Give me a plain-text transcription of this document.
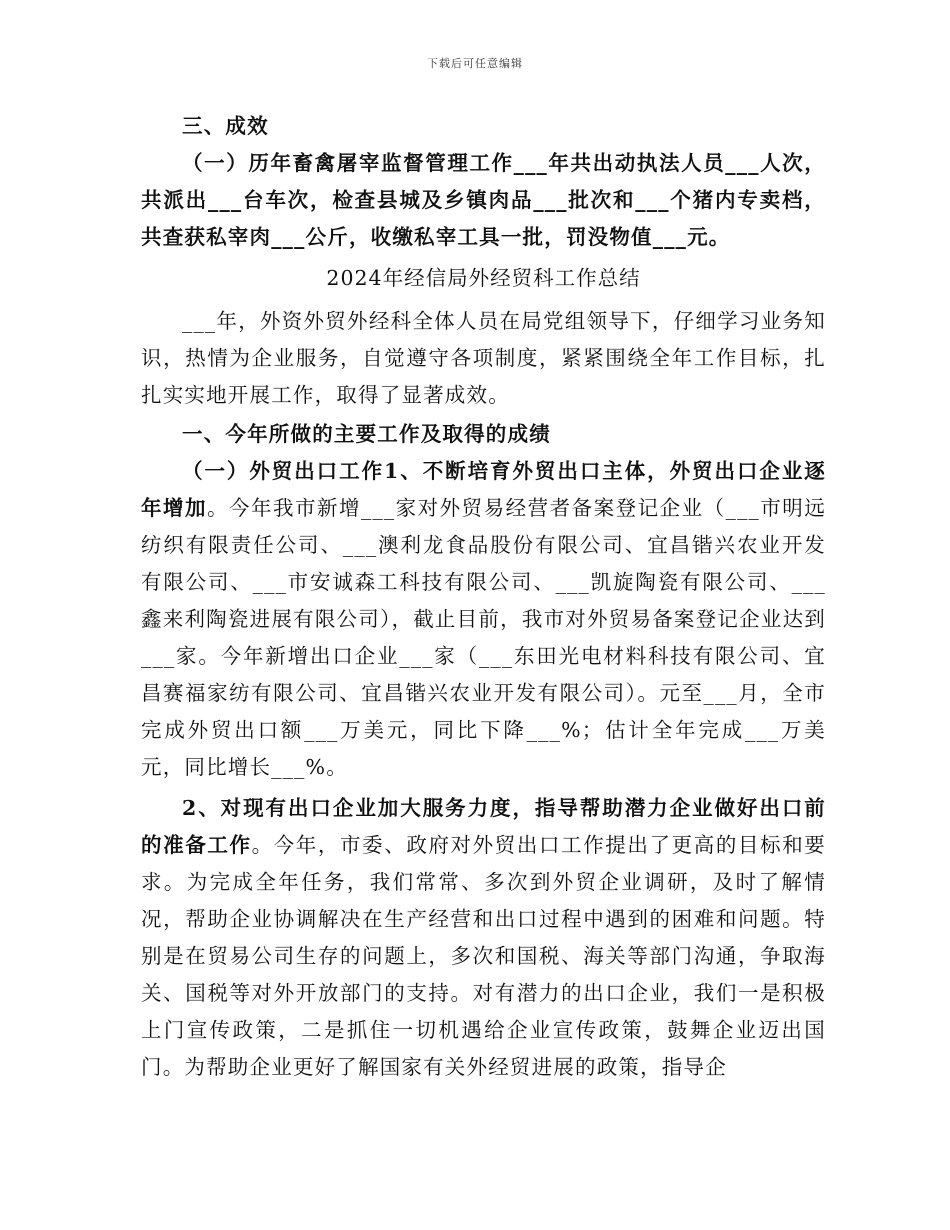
下载后可任意编辑

三、成效

（一）历年畜禽屠宰监督管理工作___年共出动执法人员___人次，共派出___台车次，检查县城及乡镇肉品___批次和___个猪内专卖档，共查获私宰肉___公斤，收缴私宰工具一批，罚没物值___元。

2024年经信局外经贸科工作总结

___年，外资外贸外经科全体人员在局党组领导下，仔细学习业务知识，热情为企业服务，自觉遵守各项制度，紧紧围绕全年工作目标，扎扎实实地开展工作，取得了显著成效。

一、今年所做的主要工作及取得的成绩

（一）外贸出口工作1、不断培育外贸出口主体，外贸出口企业逐年增加。今年我市新增___家对外贸易经营者备案登记企业（___市明远纺织有限责任公司、___澳利龙食品股份有限公司、宜昌锴兴农业开发有限公司、___市安诚森工科技有限公司、___凯旋陶瓷有限公司、___鑫来利陶瓷进展有限公司），截止目前，我市对外贸易备案登记企业达到___家。今年新增出口企业___家（___东田光电材料科技有限公司、宜昌赛福家纺有限公司、宜昌锴兴农业开发有限公司）。元至___月，全市完成外贸出口额___万美元，同比下降___%；估计全年完成___万美元，同比增长___%。

2、对现有出口企业加大服务力度，指导帮助潜力企业做好出口前的准备工作。今年，市委、政府对外贸出口工作提出了更高的目标和要求。为完成全年任务，我们常常、多次到外贸企业调研，及时了解情况，帮助企业协调解决在生产经营和出口过程中遇到的困难和问题。特别是在贸易公司生存的问题上，多次和国税、海关等部门沟通，争取海关、国税等对外开放部门的支持。对有潜力的出口企业，我们一是积极上门宣传政策，二是抓住一切机遇给企业宣传政策，鼓舞企业迈出国门。为帮助企业更好了解国家有关外经贸进展的政策，指导企
